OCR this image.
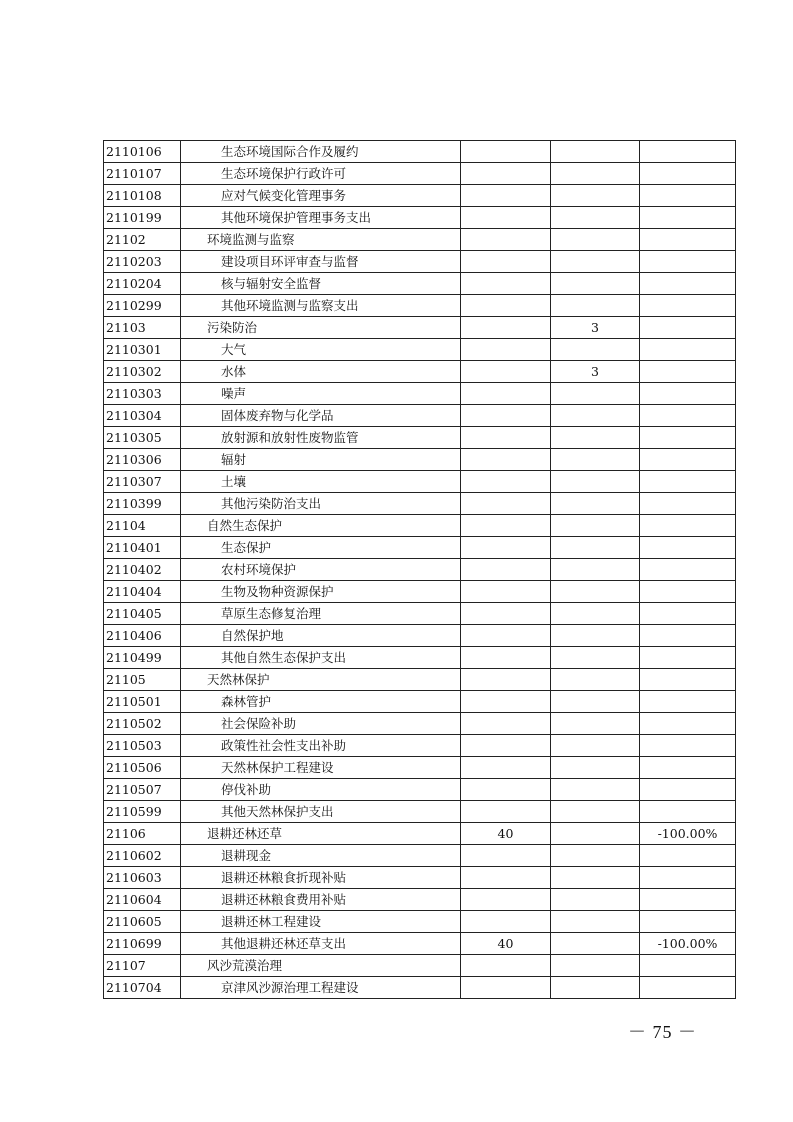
2110106	生态环境国际合作及履约			
2110107	生态环境保护行政许可			
2110108	应对气候变化管理事务			
2110199	其他环境保护管理事务支出			
21102	环境监测与监察			
2110203	建设项目环评审查与监督			
2110204	核与辐射安全监督			
2110299	其他环境监测与监察支出			
21103	污染防治		3	
2110301	大气			
2110302	水体		3	
2110303	噪声			
2110304	固体废弃物与化学品			
2110305	放射源和放射性废物监管			
2110306	辐射			
2110307	土壤			
2110399	其他污染防治支出			
21104	自然生态保护			
2110401	生态保护			
2110402	农村环境保护			
2110404	生物及物种资源保护			
2110405	草原生态修复治理			
2110406	自然保护地			
2110499	其他自然生态保护支出			
21105	天然林保护			
2110501	森林管护			
2110502	社会保险补助			
2110503	政策性社会性支出补助			
2110506	天然林保护工程建设			
2110507	停伐补助			
2110599	其他天然林保护支出			
21106	退耕还林还草	40		-100.00%
2110602	退耕现金			
2110603	退耕还林粮食折现补贴			
2110604	退耕还林粮食费用补贴			
2110605	退耕还林工程建设			
2110699	其他退耕还林还草支出	40		-100.00%
21107	风沙荒漠治理			
2110704	京津风沙源治理工程建设			
－ 75 －
